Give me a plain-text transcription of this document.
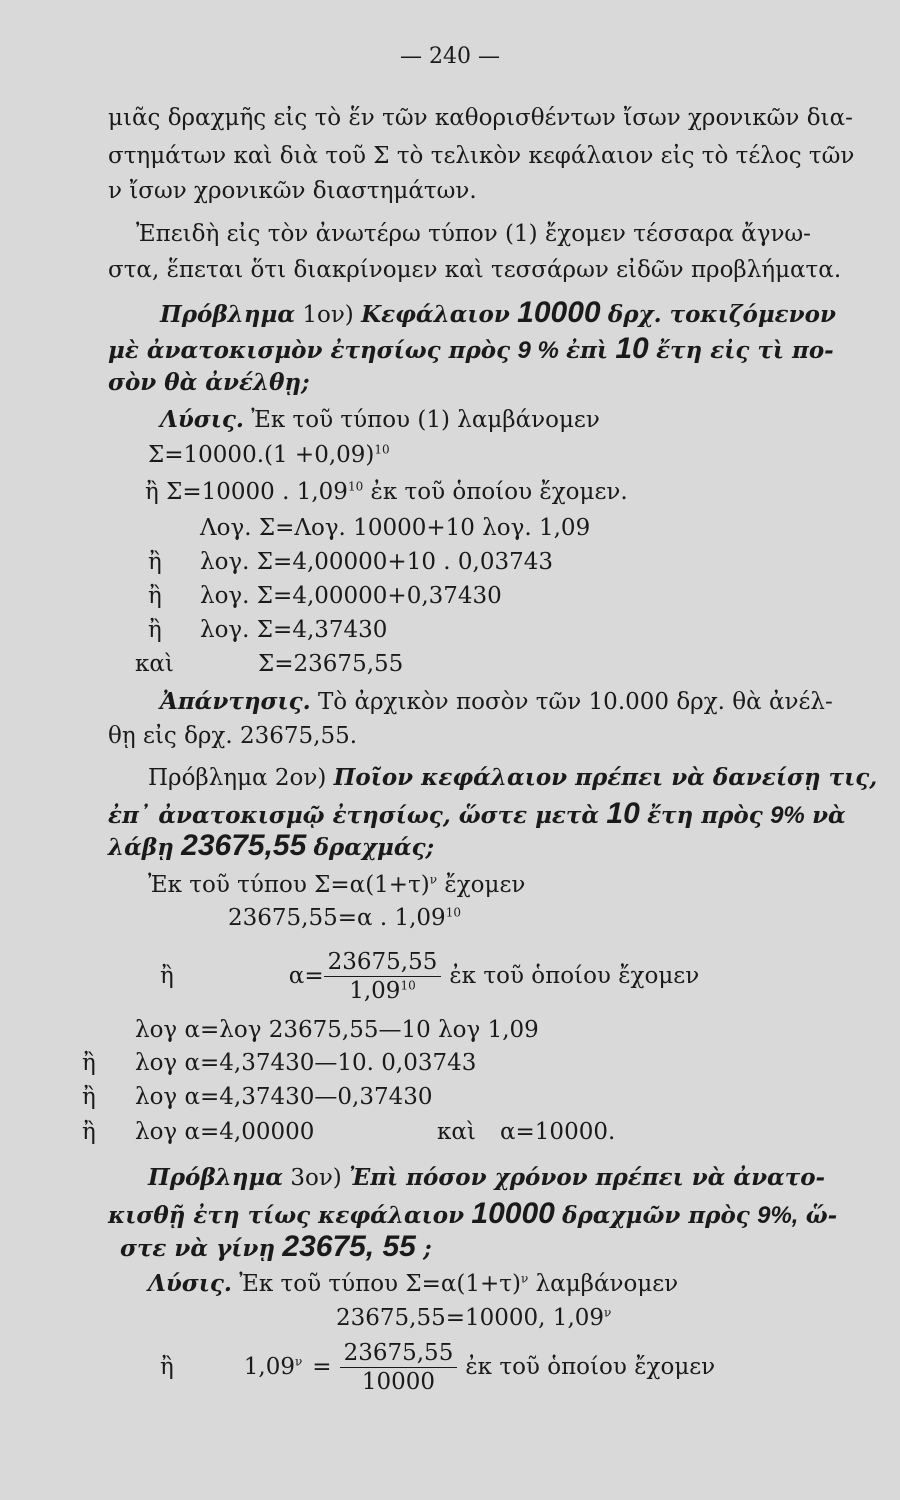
— 240 —
μιᾶς δραχμῆς εἰς τὸ ἕν τῶν καθορισθέντων ἴσων χρονικῶν δια-
στημάτων καὶ διὰ τοῦ Σ τὸ τελικὸν κεφάλαιον εἰς τὸ τέλος τῶν
ν ἴσων χρονικῶν διαστημάτων.
Ἐπειδὴ εἰς τὸν ἀνωτέρω τύπον (1) ἔχομεν τέσσαρα ἄγνω-
στα, ἕπεται ὅτι διακρίνομεν καὶ τεσσάρων εἰδῶν προβλήματα.
Πρόβλημα 1ον) Κεφάλαιον 10000 δρχ. τοκιζόμενον
μὲ ἀνατοκισμὸν ἐτησίως πρὸς 9 % ἐπὶ 10 ἔτη εἰς τὶ πο-
σὸν θὰ ἀνέλθῃ;
Λύσις. Ἐκ τοῦ τύπου (1) λαμβάνομεν
$\Sigma=10000.(1 +0,09)^{10}$
ἢ Σ=10000 . 1,09$^{10}$ ἐκ τοῦ ὁποίου ἔχομεν.
Λογ. Σ=Λογ. 10000+10 λογ. 1,09
ἢ	λογ. Σ=4,00000+10 . 0,03743
ἢ	λογ. Σ=4,00000+0,37430
ἢ	λογ. Σ=4,37430
καὶ	Σ=23675,55
Ἀπάντησις. Τὸ ἀρχικὸν ποσὸν τῶν 10.000 δρχ. θὰ ἀνέλ-
θῃ εἰς δρχ. 23675,55.
Πρόβλημα 2ον) Ποῖον κεφάλαιον πρέπει νὰ δανείσῃ τις,
ἐπ᾽ ἀνατοκισμῷ ἐτησίως, ὥστε μετὰ 10 ἔτη πρὸς 9% νὰ
λάβῃ 23675,55 δραχμάς;
Ἐκ τοῦ τύπου $\Sigma=\alpha(1+\tau)^\nu$ ἔχομεν
23675,55=α . 1,09$^{10}$
ἢ	$\alpha= \frac{23675,55}{1,09^{10}}$ ἐκ τοῦ ὁποίου ἔχομεν
λογ α=λογ 23675,55—10 λογ 1,09
ἢ	λογ α=4,37430—10. 0,03743
ἢ	λογ α=4,37430—0,37430
ἢ	λογ α=4,00000	καὶ	α=10000.
Πρόβλημα 3ον) Ἐπὶ πόσον χρόνον πρέπει νὰ ἀνατο-
κισθῇ ἐτη τίως κεφάλαιον 10000 δραχμῶν πρὸς 9%, ὥ-
στε νὰ γίνῃ 23675, 55 ;
Λύσις. Ἐκ τοῦ τύπου $\Sigma=\alpha(1+\tau)^\nu$ λαμβάνομεν
23675,55=10000, $1,09^\nu$
ἢ	$1,09^\nu = \frac{23675,55}{10000}$ ἐκ τοῦ ὁποίου ἔχομεν
